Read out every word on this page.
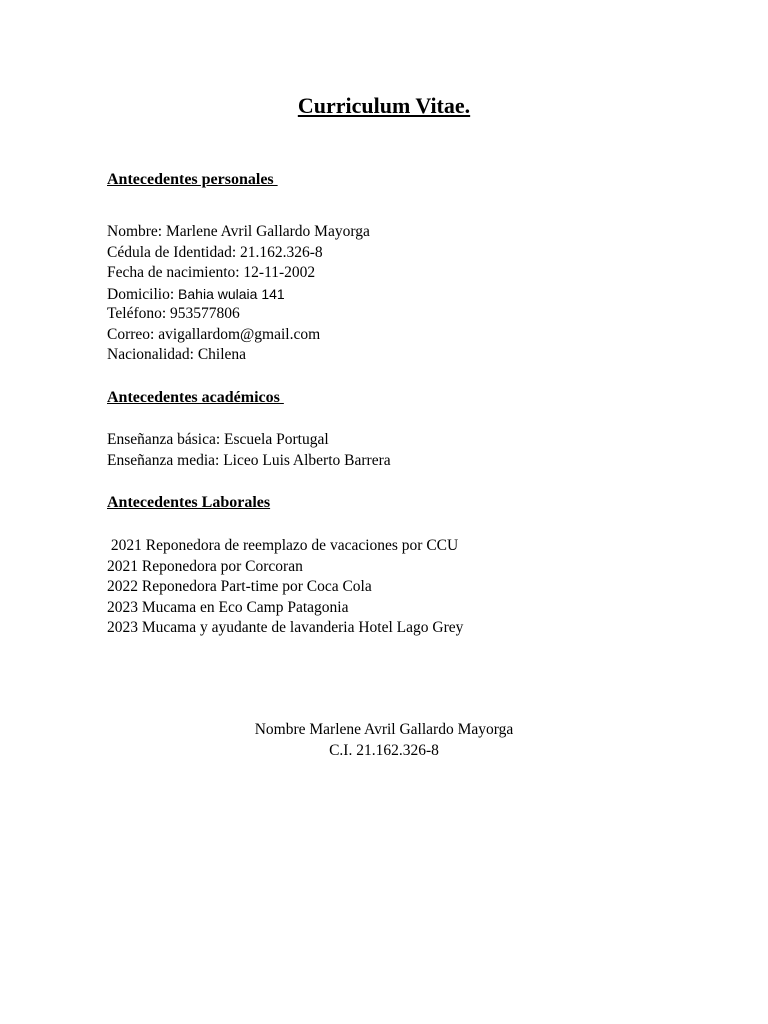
Curriculum Vitae.
Antecedentes personales
Nombre: Marlene Avril Gallardo Mayorga
Cédula de Identidad: 21.162.326-8
Fecha de nacimiento: 12-11-2002
Domicilio: Bahia wulaia 141
Teléfono: 953577806
Correo: avigallardom@gmail.com
Nacionalidad: Chilena
Antecedentes académicos
Enseñanza básica: Escuela Portugal
Enseñanza media: Liceo Luis Alberto Barrera
Antecedentes Laborales
2021 Reponedora de reemplazo de vacaciones por CCU
2021 Reponedora por Corcoran
2022 Reponedora Part-time por Coca Cola
2023 Mucama en Eco Camp Patagonia
2023 Mucama y ayudante de lavanderia Hotel Lago Grey
Nombre Marlene Avril Gallardo Mayorga
C.I. 21.162.326-8
